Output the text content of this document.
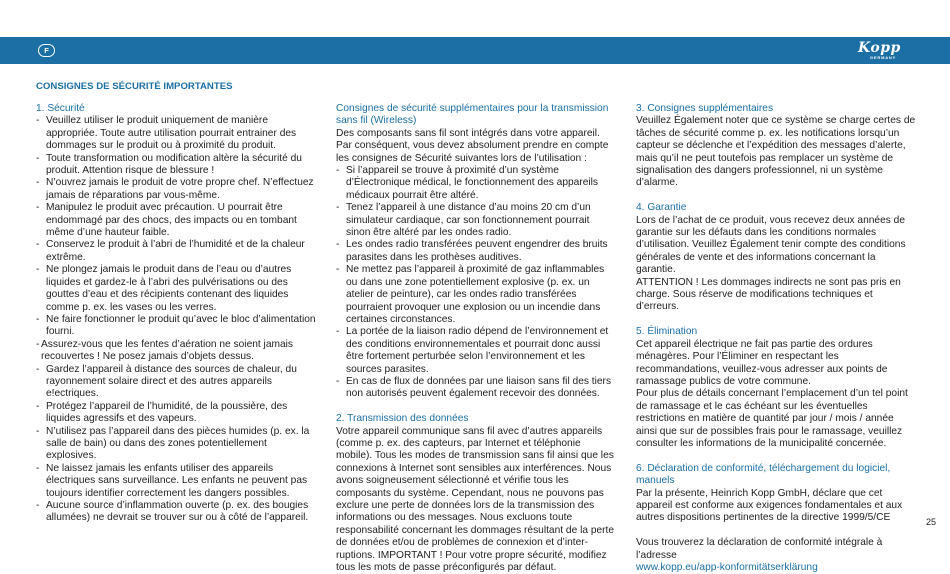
F	Kopp
GERMANY
CONSIGNES DE SÉCURITÉ IMPORTANTES

1. Sécurité

- Veuillez utiliser le produit uniquement de manière appropriée. Toute autre utilisation pourrait entrainer des dommages sur le produit ou à proximité du produit.
- Toute transformation ou modification altère la sécurité du produit. Attention risque de blessure !
- N’ouvrez jamais le produit de votre propre chef. N’effectuez jamais de réparations par vous-même.
- Manipulez le produit avec précaution. U pourrait être endommagé par des chocs, des impacts ou en tombant même d’une hauteur faible.
- Conservez le produit à l’abri de l’humidité et de la chaleur extrême.
- Ne plongez jamais le produit dans de l’eau ou d’autres liquides et gardez-le à l’abri des pulvérisations ou des gouttes d’eau et des récipients contenant des liquides comme p. ex. les vases ou les verres.
- Ne faire fonctionner le produit qu’avec le bloc d’alimentation fourni.
- Assurez-vous que les fentes d’aération ne soient jamais recouvertes ! Ne posez jamais d’objets dessus.
- Gardez l’appareil à distance des sources de chaleur, du rayonnement solaire direct et des autres appareils e!ectriques.
- Protégez l’appareil de l’humidité, de la poussière, des liquides agressifs et des vapeurs.
- N’utilisez pas l’appareil dans des pièces humides (p. ex. la salle de bain) ou dans des zones potentiellement explosives.
- Ne laissez jamais les enfants utiliser des appareils électriques sans surveillance. Les enfants ne peuvent pas toujours identifier correctement les dangers possibles.
- Aucune source d’inflammation ouverte (p. ex. des bougies allumées) ne devrait se trouver sur ou à côté de l’appareil.

Consignes de sécurité supplémentaires pour la transmission sans fil (Wireless)

Des composants sans fil sont intégrés dans votre appareil. Par conséquent, vous devez absolument prendre en compte les consignes de Sécurité suivantes lors de l’utilisation :

- Si l’appareil se trouve à proximité d’un système d’Électronique médical, le fonctionnement des appareils médicaux pourrait être altéré.
- Tenez l’appareil à une distance d’au moins 20 cm d’un simulateur cardiaque, car son fonctionnement pourrait sinon être altéré par les ondes radio.
- Les ondes radio transférées peuvent engendrer des bruits parasites dans les prothèses auditives.
- Ne mettez pas l’appareil à proximité de gaz inflammables ou dans une zone potentiellement explosive (p. ex. un atelier de peinture), car les ondes radio transférées pourraient provoquer une explosion ou un incendie dans certaines circonstances.
- La portée de la liaison radio dépend de l’environnement et des conditions environnementales et pourrait donc aussi être fortement perturbée selon l’environnement et les sources parasites.
- En cas de flux de données par une liaison sans fil des tiers non autorisés peuvent également recevoir des données.

2. Transmission des données

Votre appareil communique sans fil avec d’autres appareils (comme p. ex. des capteurs, par Internet et téléphonie mobile). Tous les modes de transmission sans fil ainsi que les connexions à Internet sont sensibles aux interférences. Nous avons soigneusement sélectionné et vérifie tous les composants du système. Cependant, nous ne pouvons pas exclure une perte de données lors de la transmission des informations ou des messages. Nous excluons toute responsabilité concernant les dommages résultant de la perte de données et/ou de problèmes de connexion et d’interruptions. IMPORTANT ! Pour votre propre sécurité, modifiez tous les mots de passe préconfigurés par défaut.

3. Consignes supplémentaires

Veuillez Également noter que ce système se charge certes de tâches de sécurité comme p. ex. les notifications lorsqu’un capteur se déclenche et l’expédition des messages d’alerte, mais qu’il ne peut toutefois pas remplacer un système de signalisation des dangers professionnel, ni un système d’alarme.

4. Garantie

Lors de l’achat de ce produit, vous recevez deux années de garantie sur les défauts dans les conditions normales d’utilisation. Veuillez Également tenir compte des conditions générales de vente et des informations concernant la garantie.

ATTENTION ! Les dommages indirects ne sont pas pris en charge. Sous réserve de modifications techniques et d’erreurs.

5. Élimination

Cet appareil électrique ne fait pas partie des ordures ménagères. Pour l’Éliminer en respectant les recommandations, veuillez-vous adresser aux points de ramassage publics de votre commune.

Pour plus de détails concernant l’emplacement d’un tel point de ramassage et le cas échéant sur les éventuelles restrictions en matière de quantité par jour / mois / année ainsi que sur de possibles frais pour le ramassage, veuillez consulter les informations de la municipalité concernée.

6. Déclaration de conformité, téléchargement du logiciel, manuels

Par la présente, Heinrich Kopp GmbH, déclare que cet appareil est conforme aux exigences fondamentales et aux autres dispositions pertinentes de la directive 1999/5/CE

Vous trouverez la déclaration de conformité intégrale à l’adresse

www.kopp.eu/app-konformitätserklärung

25
